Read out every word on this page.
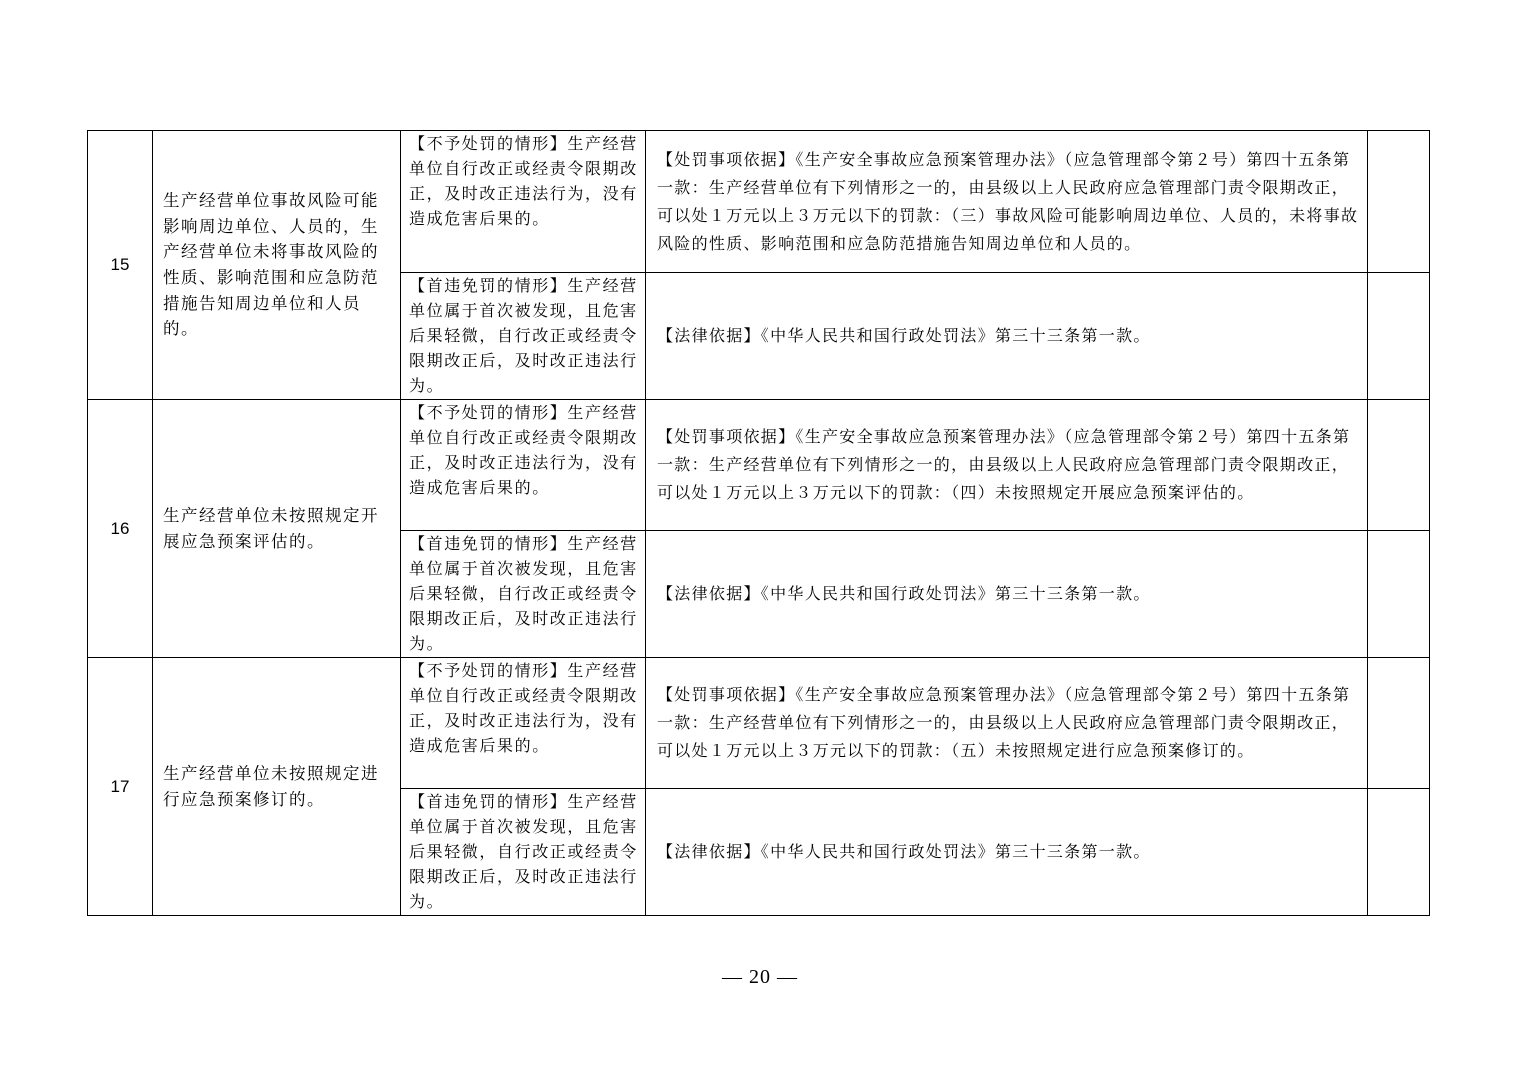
15	生产经营单位事故风险可能影响周边单位、人员的，生产经营单位未将事故风险的性质、影响范围和应急防范措施告知周边单位和人员的。	【不予处罚的情形】生产经营单位自行改正或经责令限期改正，及时改正违法行为，没有造成危害后果的。	【处罚事项依据】《生产安全事故应急预案管理办法》（应急管理部令第２号）第四十五条第一款：生产经营单位有下列情形之一的，由县级以上人民政府应急管理部门责令限期改正，可以处１万元以上３万元以下的罚款：（三）事故风险可能影响周边单位、人员的，未将事故风险的性质、影响范围和应急防范措施告知周边单位和人员的。	
		【首违免罚的情形】生产经营单位属于首次被发现，且危害后果轻微，自行改正或经责令限期改正后，及时改正违法行为。	【法律依据】《中华人民共和国行政处罚法》第三十三条第一款。	
16	生产经营单位未按照规定开展应急预案评估的。	【不予处罚的情形】生产经营单位自行改正或经责令限期改正，及时改正违法行为，没有造成危害后果的。	【处罚事项依据】《生产安全事故应急预案管理办法》（应急管理部令第２号）第四十五条第一款：生产经营单位有下列情形之一的，由县级以上人民政府应急管理部门责令限期改正，可以处１万元以上３万元以下的罚款：（四）未按照规定开展应急预案评估的。	
		【首违免罚的情形】生产经营单位属于首次被发现，且危害后果轻微，自行改正或经责令限期改正后，及时改正违法行为。	【法律依据】《中华人民共和国行政处罚法》第三十三条第一款。	
17	生产经营单位未按照规定进行应急预案修订的。	【不予处罚的情形】生产经营单位自行改正或经责令限期改正，及时改正违法行为，没有造成危害后果的。	【处罚事项依据】《生产安全事故应急预案管理办法》（应急管理部令第２号）第四十五条第一款：生产经营单位有下列情形之一的，由县级以上人民政府应急管理部门责令限期改正，可以处１万元以上３万元以下的罚款：（五）未按照规定进行应急预案修订的。	
		【首违免罚的情形】生产经营单位属于首次被发现，且危害后果轻微，自行改正或经责令限期改正后，及时改正违法行为。	【法律依据】《中华人民共和国行政处罚法》第三十三条第一款。	
— 20 —
